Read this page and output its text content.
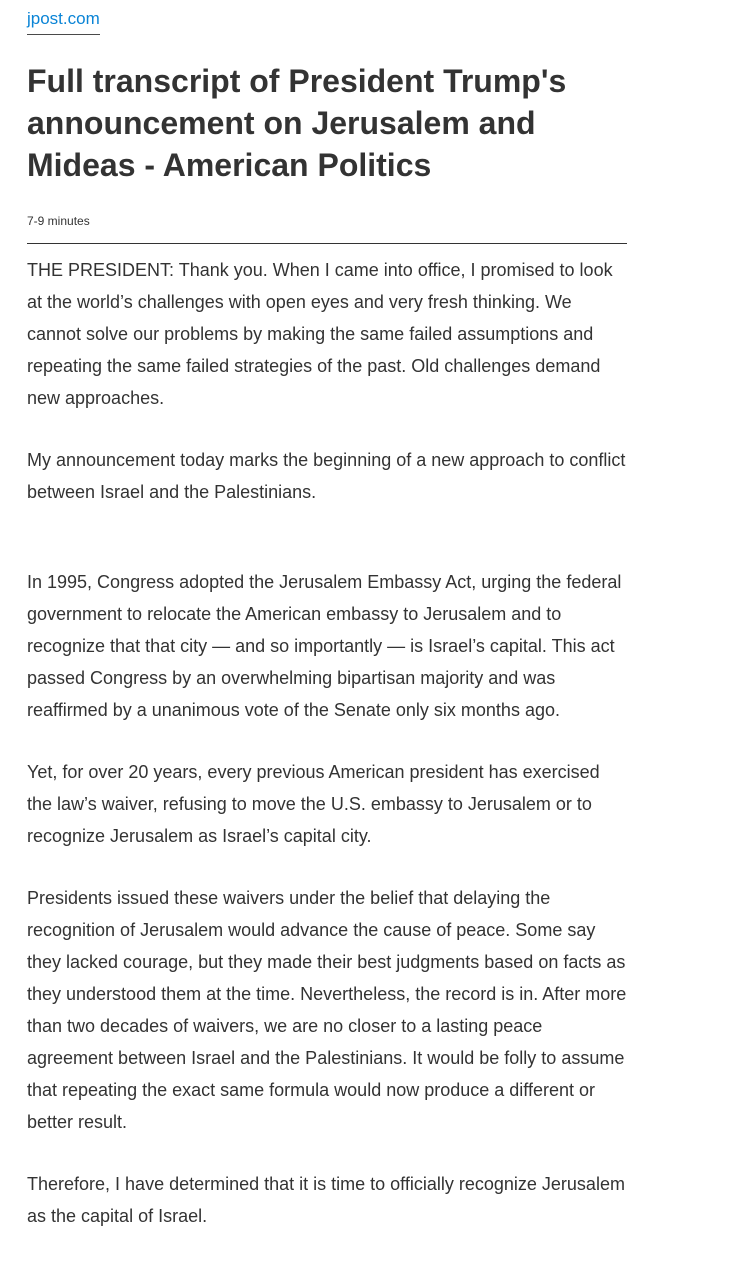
jpost.com
Full transcript of President Trump's announcement on Jerusalem and Mideas - American Politics
7-9 minutes

THE PRESIDENT: Thank you. When I came into office, I promised to look at the world’s challenges with open eyes and very fresh thinking. We cannot solve our problems by making the same failed assumptions and repeating the same failed strategies of the past. Old challenges demand new approaches.

My announcement today marks the beginning of a new approach to conflict between Israel and the Palestinians.

In 1995, Congress adopted the Jerusalem Embassy Act, urging the federal government to relocate the American embassy to Jerusalem and to recognize that that city — and so importantly — is Israel’s capital. This act passed Congress by an overwhelming bipartisan majority and was reaffirmed by a unanimous vote of the Senate only six months ago.

Yet, for over 20 years, every previous American president has exercised the law’s waiver, refusing to move the U.S. embassy to Jerusalem or to recognize Jerusalem as Israel’s capital city.

Presidents issued these waivers under the belief that delaying the recognition of Jerusalem would advance the cause of peace. Some say they lacked courage, but they made their best judgments based on facts as they understood them at the time. Nevertheless, the record is in. After more than two decades of waivers, we are no closer to a lasting peace agreement between Israel and the Palestinians. It would be folly to assume that repeating the exact same formula would now produce a different or better result.

Therefore, I have determined that it is time to officially recognize Jerusalem as the capital of Israel.
